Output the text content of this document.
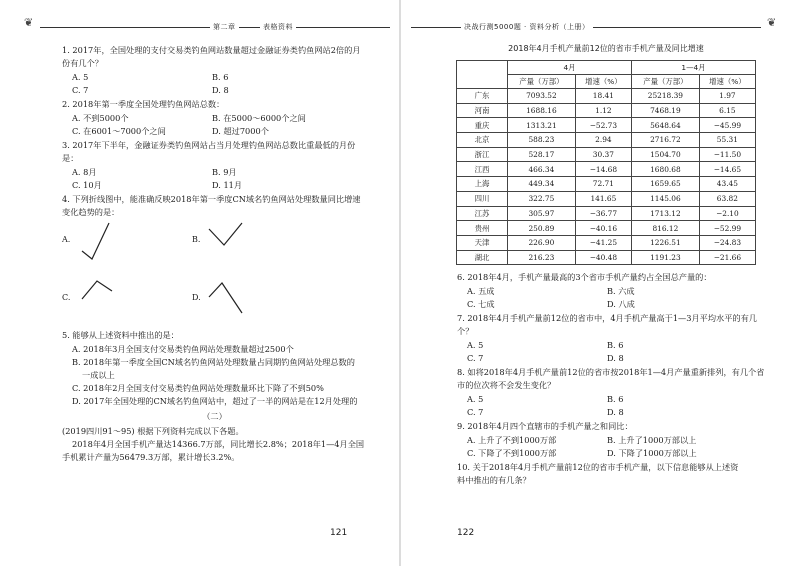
❦	第二章	表格资料

1. 2017年，全国处理的支付交易类钓鱼网站数量超过金融证券类钓鱼网站2倍的月份有几个？

A. 5	B. 6
C. 7	D. 8

2. 2018年第一季度全国处理钓鱼网站总数：

A. 不到5000个	B. 在5000～6000个之间
C. 在6001～7000个之间	D. 超过7000个

3. 2017年下半年，金融证券类钓鱼网站占当月处理钓鱼网站总数比重最低的月份是：

A. 8月	B. 9月
C. 10月	D. 11月

4. 下列折线图中，能准确反映2018年第一季度CN域名钓鱼网站处理数量同比增速变化趋势的是：

A.	B.
C.	D.

5. 能够从上述资料中推出的是：

A. 2018年3月全国支付交易类钓鱼网站处理数量超过2500个
B. 2018年第一季度全国CN域名钓鱼网站处理数量占同期钓鱼网站处理总数的
一成以上
C. 2018年2月全国支付交易类钓鱼网站处理数量环比下降了不到50%
D. 2017年全国处理的CN域名钓鱼网站中，超过了一半的网站是在12月处理的
（二）

(2019四川91～95) 根据下列资料完成以下各题。

2018年4月全国手机产量达14366.7万部，同比增长2.8%；2018年1—4月全国

手机累计产量为56479.3万部，累计增长3.2%。

121
决战行测5000题 · 资料分析（上册）	❦
2018年4月手机产量前12位的省市手机产量及同比增速
	4月		1—4月	
	产量（万部）	增速（%）	产量（万部）	增速（%）
广东	7093.52	18.41	25218.39	1.97
河南	1688.16	1.12	7468.19	6.15
重庆	1313.21	−52.73	5648.64	−45.99
北京	588.23	2.94	2716.72	55.31
浙江	528.17	30.37	1504.70	−11.50
江西	466.34	−14.68	1680.68	−14.65
上海	449.34	72.71	1659.65	43.45
四川	322.75	141.65	1145.06	63.82
江苏	305.97	−36.77	1713.12	−2.10
贵州	250.89	−40.16	816.12	−52.99
天津	226.90	−41.25	1226.51	−24.83
湖北	216.23	−40.48	1191.23	−21.66

6. 2018年4月，手机产量最高的3个省市手机产量约占全国总产量的：

A. 五成	B. 六成
C. 七成	D. 八成

7. 2018年4月手机产量前12位的省市中，4月手机产量高于1—3月平均水平的有几个？

A. 5	B. 6
C. 7	D. 8

8. 如将2018年4月手机产量前12位的省市按2018年1—4月产量重新排列，有几个省市的位次将不会发生变化？

A. 5	B. 6
C. 7	D. 8

9. 2018年4月四个直辖市的手机产量之和同比：

A. 上升了不到1000万部	B. 上升了1000万部以上
C. 下降了不到1000万部	D. 下降了1000万部以上

10. 关于2018年4月手机产量前12位的省市手机产量，以下信息能够从上述资

料中推出的有几条？

122
